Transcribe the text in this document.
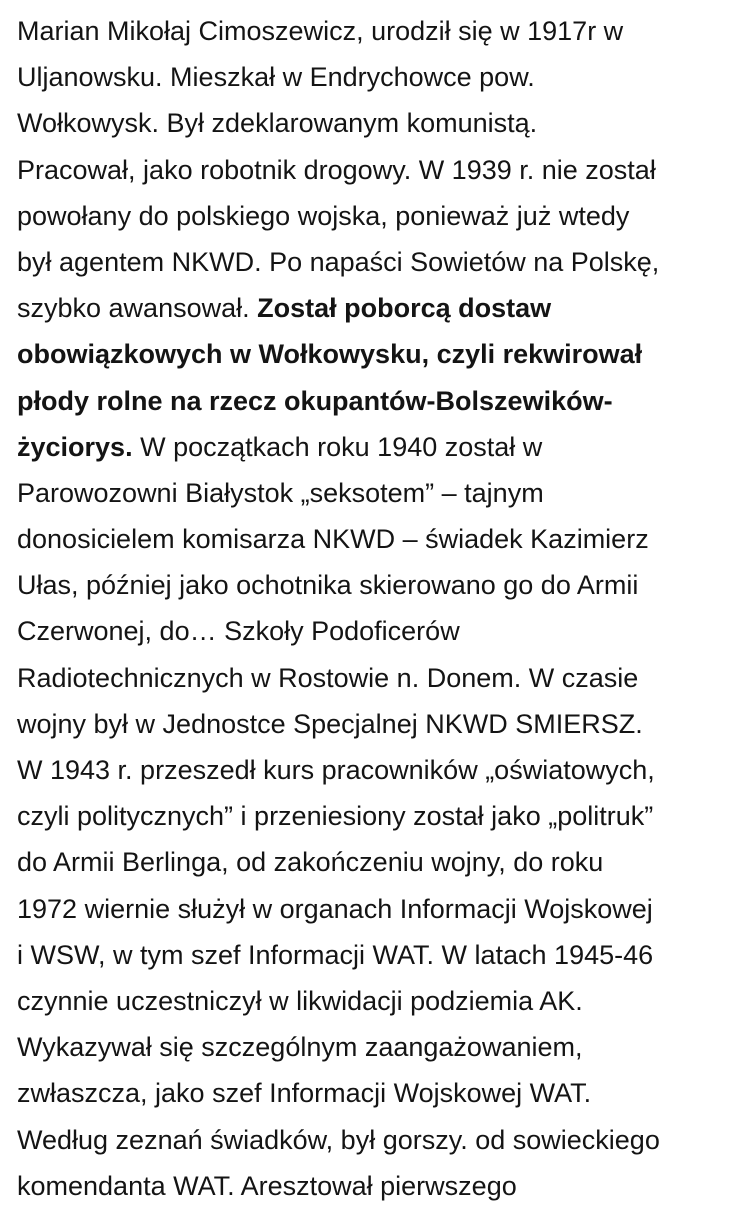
Marian Mikołaj Cimoszewicz, urodził się w 1917r w
Uljanowsku. Mieszkał w Endrychowce pow.
Wołkowysk. Był zdeklarowanym komunistą.
Pracował, jako robotnik drogowy. W 1939 r. nie został
powołany do polskiego wojska, ponieważ już wtedy
był agentem NKWD. Po napaści Sowietów na Polskę,
szybko awansował. Został poborcą dostaw
obowiązkowych w Wołkowysku, czyli rekwirował
płody rolne na rzecz okupantów-Bolszewików-
życiorys. W początkach roku 1940 został w
Parowozowni Białystok „seksotem” – tajnym
donosicielem komisarza NKWD – świadek Kazimierz
Ułas, później jako ochotnika skierowano go do Armii
Czerwonej, do… Szkoły Podoficerów
Radiotechnicznych w Rostowie n. Donem. W czasie
wojny był w Jednostce Specjalnej NKWD SMIERSZ.
W 1943 r. przeszedł kurs pracowników „oświatowych,
czyli politycznych” i przeniesiony został jako „politruk”
do Armii Berlinga, od zakończeniu wojny, do roku
1972 wiernie służył w organach Informacji Wojskowej
i WSW, w tym szef Informacji WAT. W latach 1945-46
czynnie uczestniczył w likwidacji podziemia AK.
Wykazywał się szczególnym zaangażowaniem,
zwłaszcza, jako szef Informacji Wojskowej WAT.
Według zeznań świadków, był gorszy. od sowieckiego
komendanta WAT. Aresztował pierwszego
